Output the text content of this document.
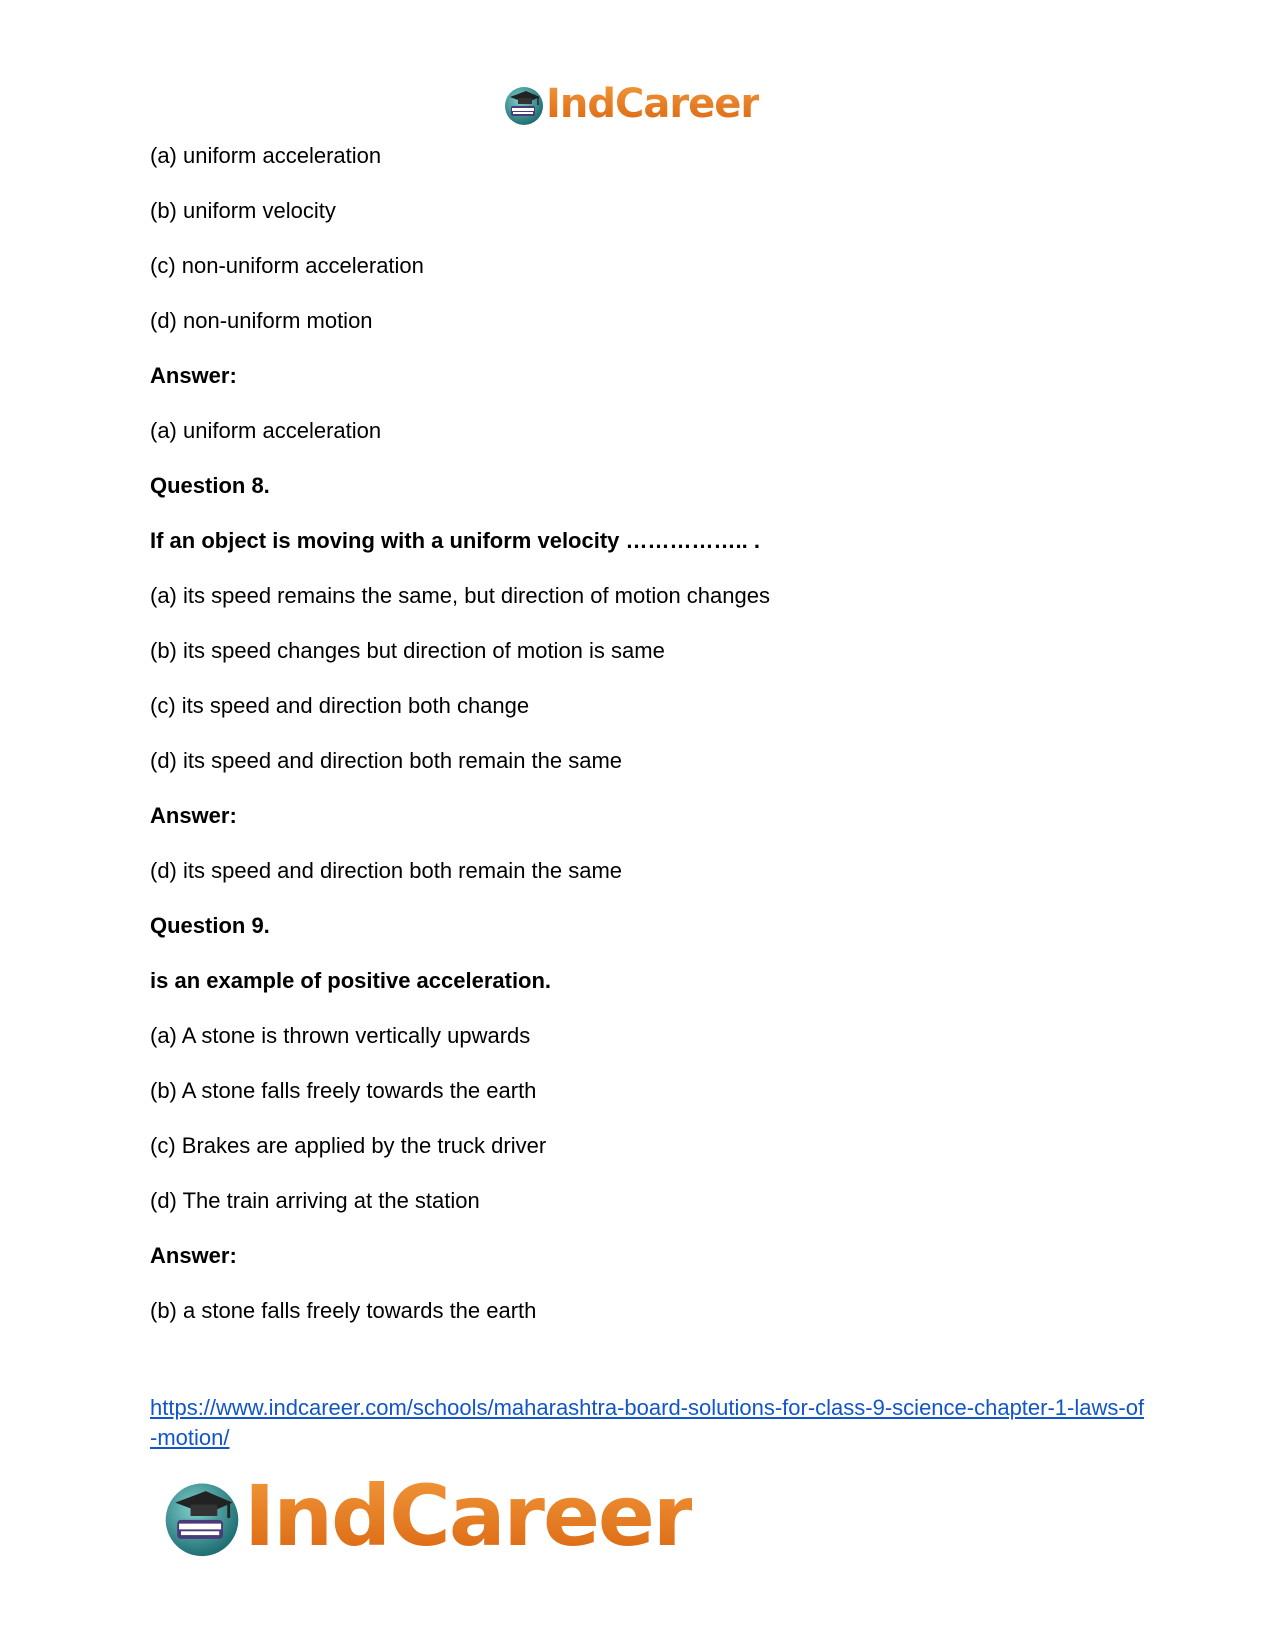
IndCareer
(a) uniform acceleration
(b) uniform velocity
(c) non-uniform acceleration
(d) non-uniform motion
Answer:
(a) uniform acceleration
Question 8.
If an object is moving with a uniform velocity …………….. .
(a) its speed remains the same, but direction of motion changes
(b) its speed changes but direction of motion is same
(c) its speed and direction both change
(d) its speed and direction both remain the same
Answer:
(d) its speed and direction both remain the same
Question 9.
is an example of positive acceleration.
(a) A stone is thrown vertically upwards
(b) A stone falls freely towards the earth
(c) Brakes are applied by the truck driver
(d) The train arriving at the station
Answer:
(b) a stone falls freely towards the earth
https://www.indcareer.com/schools/maharashtra-board-solutions-for-class-9-science-chapter-1-laws-of-motion/
IndCareer
